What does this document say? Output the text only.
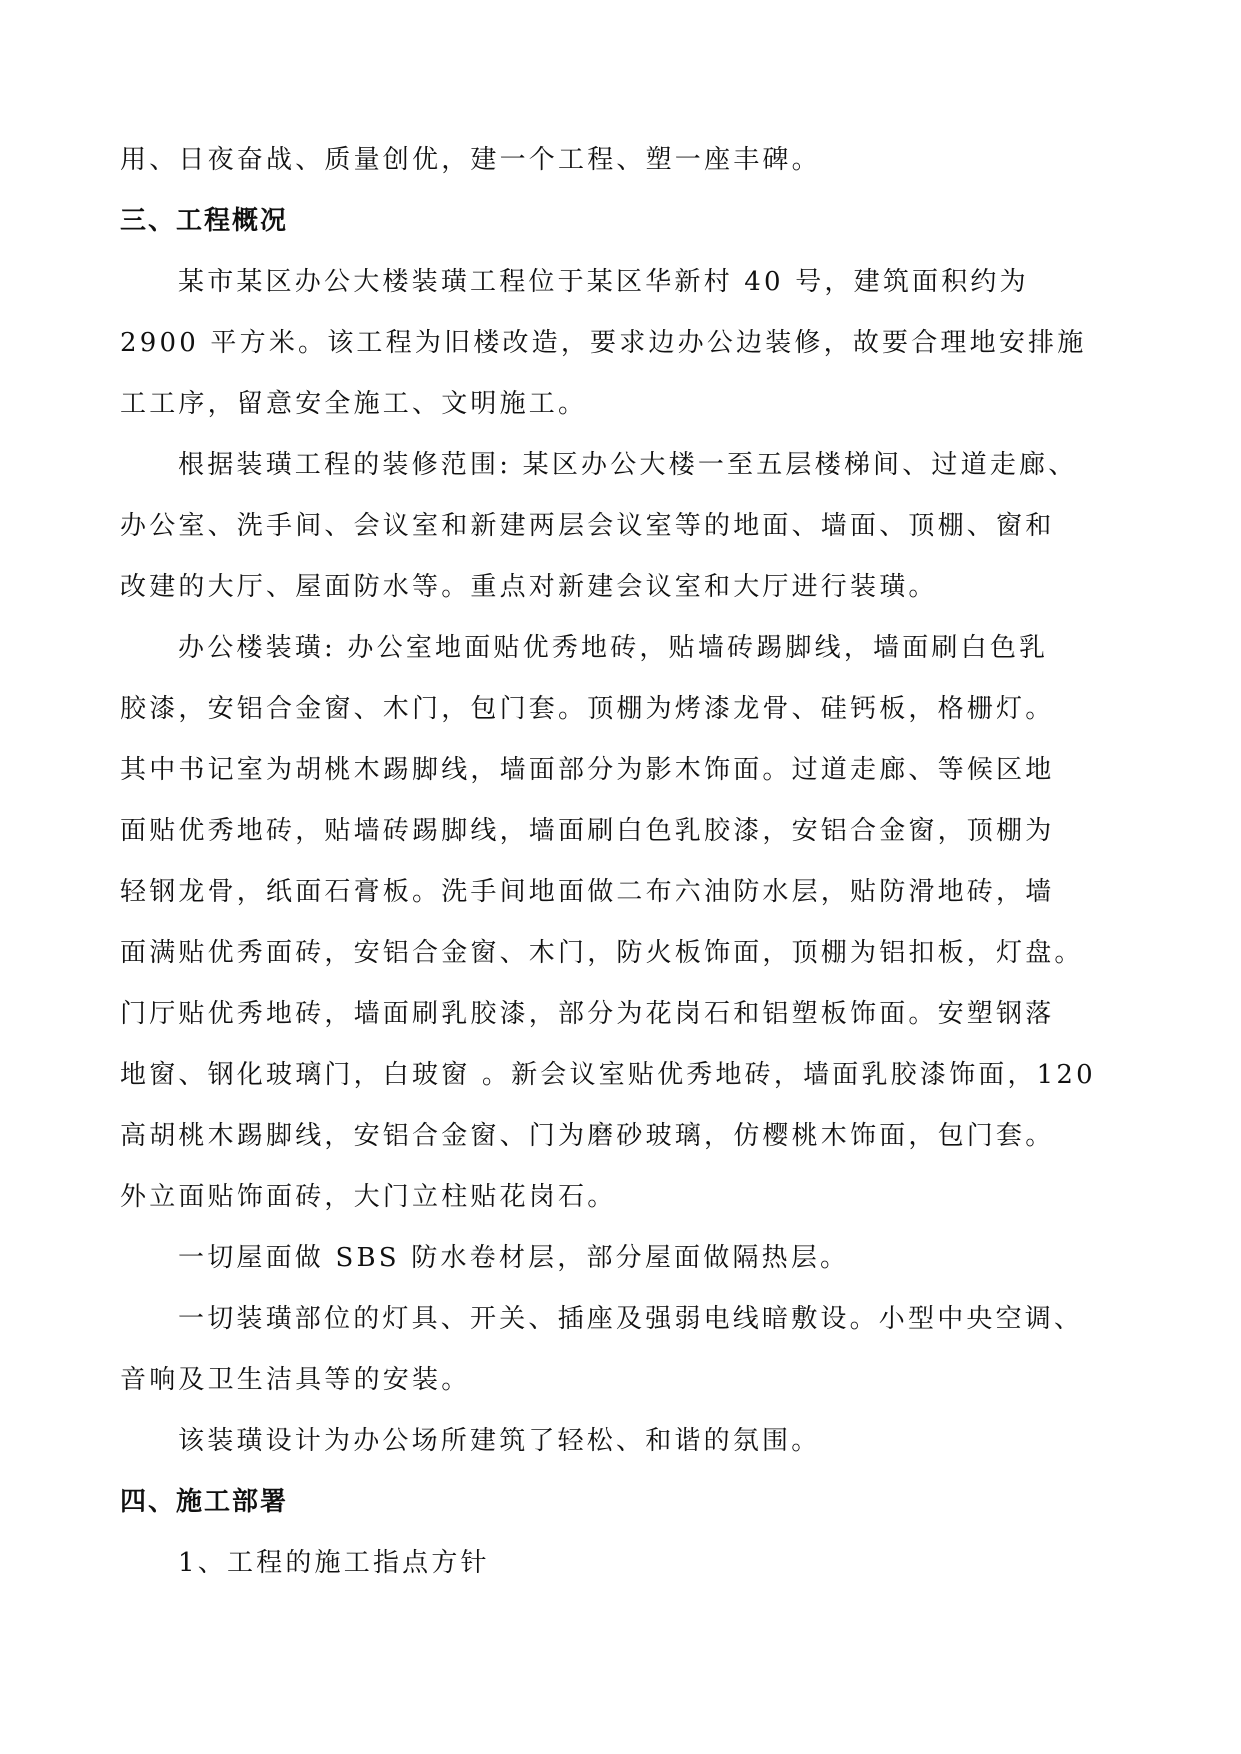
用、日夜奋战、质量创优，建一个工程、塑一座丰碑。

三、工程概况

某市某区办公大楼装璜工程位于某区华新村 40 号，建筑面积约为

2900 平方米。该工程为旧楼改造，要求边办公边装修，故要合理地安排施

工工序，留意安全施工、文明施工。

根据装璜工程的装修范围: 某区办公大楼一至五层楼梯间、过道走廊、

办公室、洗手间、会议室和新建两层会议室等的地面、墙面、顶棚、窗和

改建的大厅、屋面防水等。重点对新建会议室和大厅进行装璜。

办公楼装璜: 办公室地面贴优秀地砖，贴墙砖踢脚线，墙面刷白色乳

胶漆，安铝合金窗、木门，包门套。顶棚为烤漆龙骨、硅钙板，格栅灯。

其中书记室为胡桃木踢脚线，墙面部分为影木饰面。过道走廊、等候区地

面贴优秀地砖，贴墙砖踢脚线，墙面刷白色乳胶漆，安铝合金窗，顶棚为

轻钢龙骨，纸面石膏板。洗手间地面做二布六油防水层，贴防滑地砖，墙

面满贴优秀面砖，安铝合金窗、木门，防火板饰面，顶棚为铝扣板，灯盘。

门厅贴优秀地砖，墙面刷乳胶漆，部分为花岗石和铝塑板饰面。安塑钢落

地窗、钢化玻璃门，白玻窗 。新会议室贴优秀地砖，墙面乳胶漆饰面，120

高胡桃木踢脚线，安铝合金窗、门为磨砂玻璃，仿樱桃木饰面，包门套。

外立面贴饰面砖，大门立柱贴花岗石。

一切屋面做 SBS 防水卷材层，部分屋面做隔热层。

一切装璜部位的灯具、开关、插座及强弱电线暗敷设。小型中央空调、

音响及卫生洁具等的安装。

该装璜设计为办公场所建筑了轻松、和谐的氛围。

四、施工部署

1、工程的施工指点方针
